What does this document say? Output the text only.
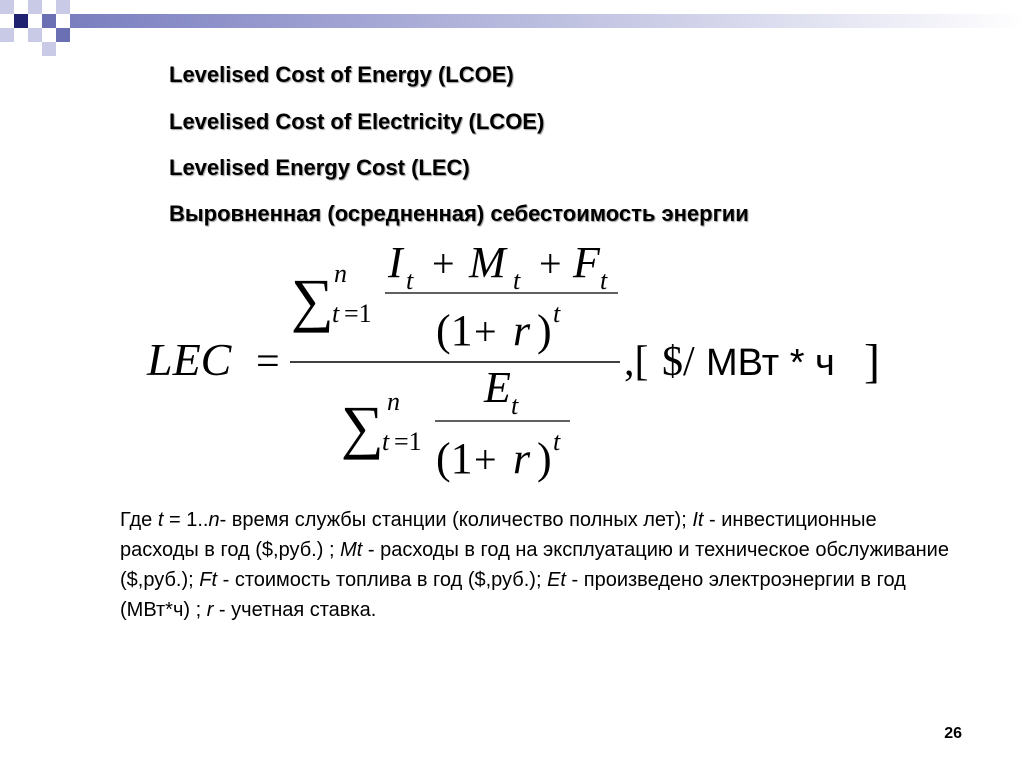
Levelised Cost of Energy (LCOE)
Levelised Cost of Electricity (LCOE)
Levelised Energy Cost (LEC)
Выровненная (осредненная) себестоимость энергии
LEC =
∑ n
t =1
I t + M t + F t
(1 + r ) t
∑ n
t =1
E t
(1 + r ) t
,[ $/ МВт * ч ]

Где t = 1..n- время службы станции (количество полных лет); It - инвестиционные расходы в год ($,руб.) ; Mt - расходы в год на эксплуатацию и техническое обслуживание ($,руб.); Ft - стоимость топлива в год ($,руб.); Et - произведено электроэнергии в год (МВт*ч) ; r - учетная ставка.

26
